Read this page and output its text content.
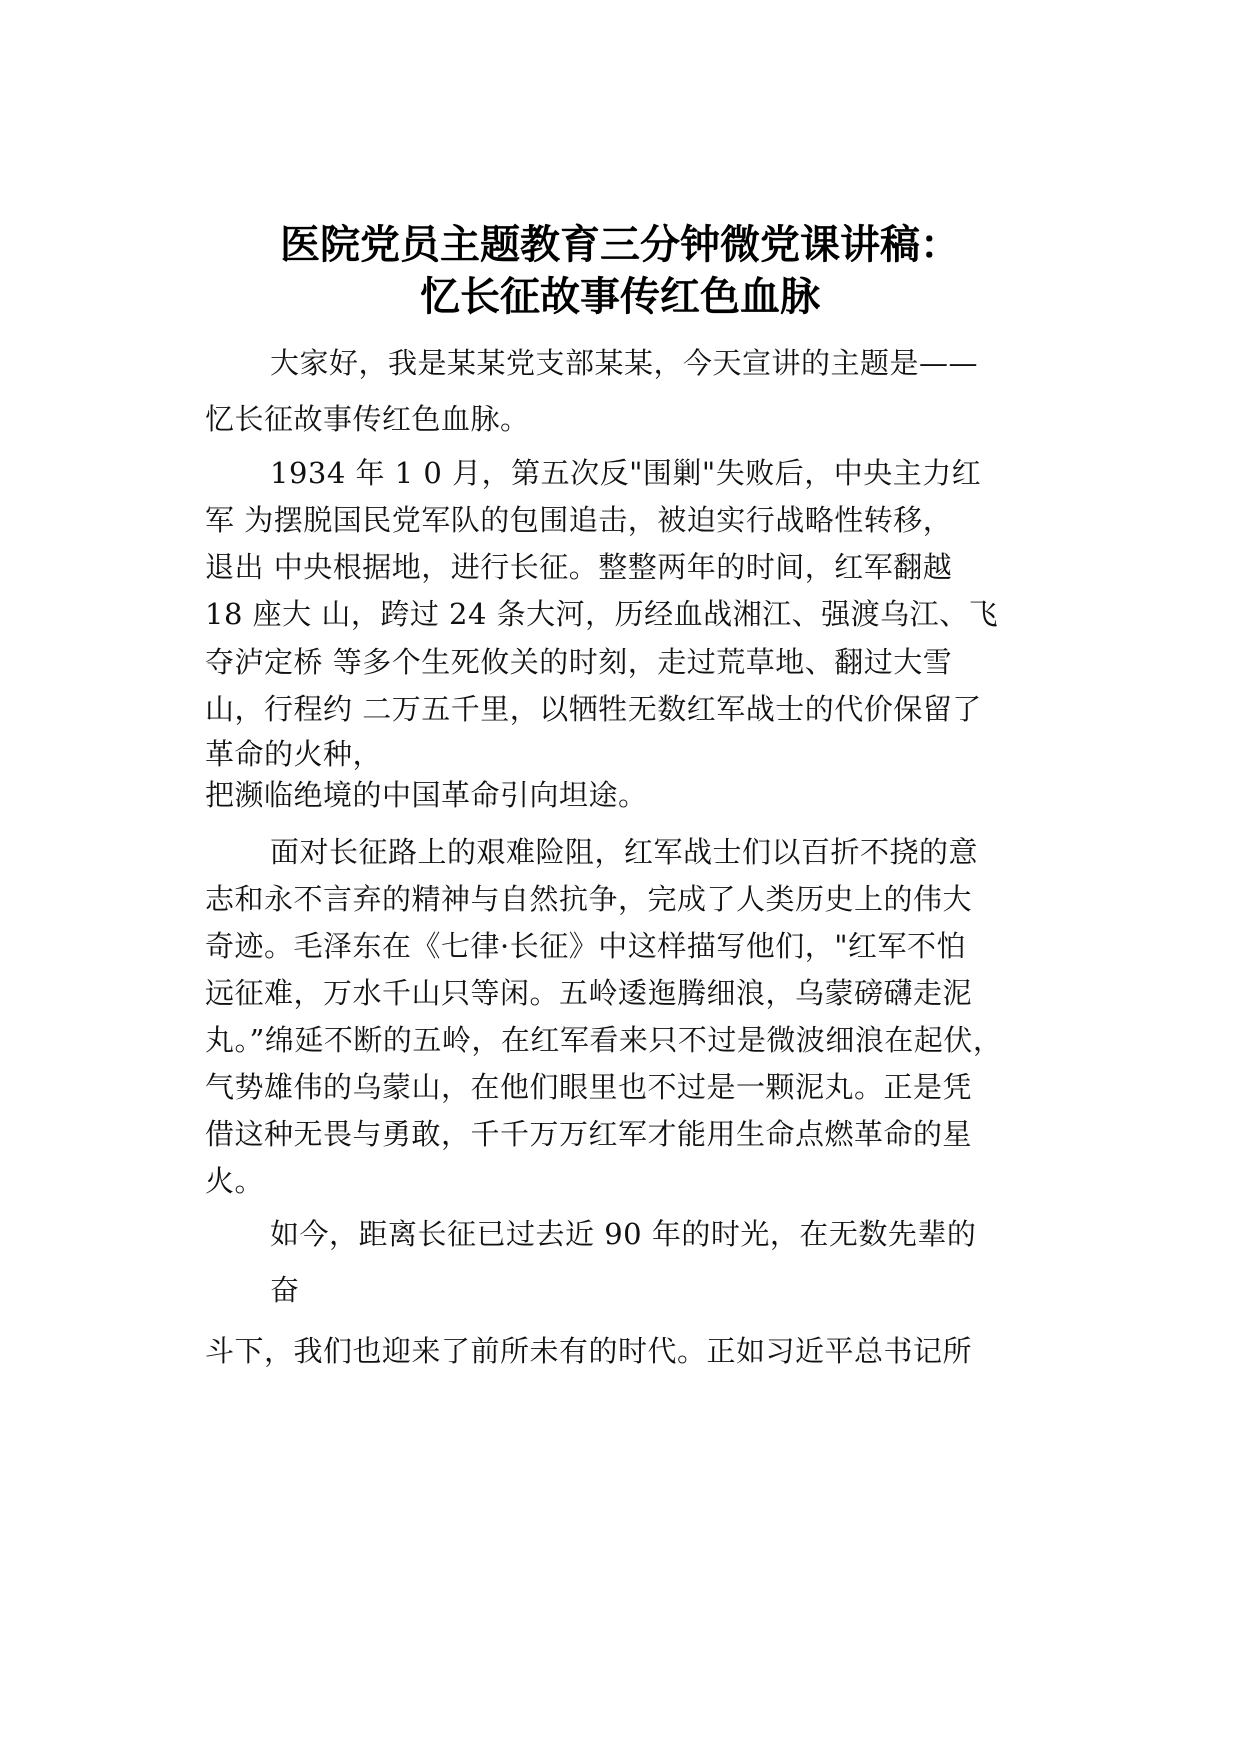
医院党员主题教育三分钟微党课讲稿：
忆长征故事传红色血脉
大家好，我是某某党支部某某，今天宣讲的主题是——
忆长征故事传红色血脉。
1934 年 1 0 月，第五次反"围剿"失败后，中央主力红
军 为摆脱国民党军队的包围追击，被迫实行战略性转移，
退出 中央根据地，进行长征。整整两年的时间，红军翻越
18 座大 山，跨过 24 条大河，历经血战湘江、强渡乌江、飞
夺泸定桥 等多个生死攸关的时刻，走过荒草地、翻过大雪
山，行程约 二万五千里，以牺牲无数红军战士的代价保留了
革命的火种，
把濒临绝境的中国革命引向坦途。
面对长征路上的艰难险阻，红军战士们以百折不挠的意
志和永不言弃的精神与自然抗争，完成了人类历史上的伟大
奇迹。毛泽东在《七律·长征》中这样描写他们，"红军不怕
远征难，万水千山只等闲。五岭逶迤腾细浪，乌蒙磅礴走泥
丸。”绵延不断的五岭，在红军看来只不过是微波细浪在起伏，
气势雄伟的乌蒙山，在他们眼里也不过是一颗泥丸。正是凭
借这种无畏与勇敢，千千万万红军才能用生命点燃革命的星
火。
如今，距离长征已过去近 90 年的时光，在无数先辈的
奋
斗下，我们也迎来了前所未有的时代。正如习近平总书记所
